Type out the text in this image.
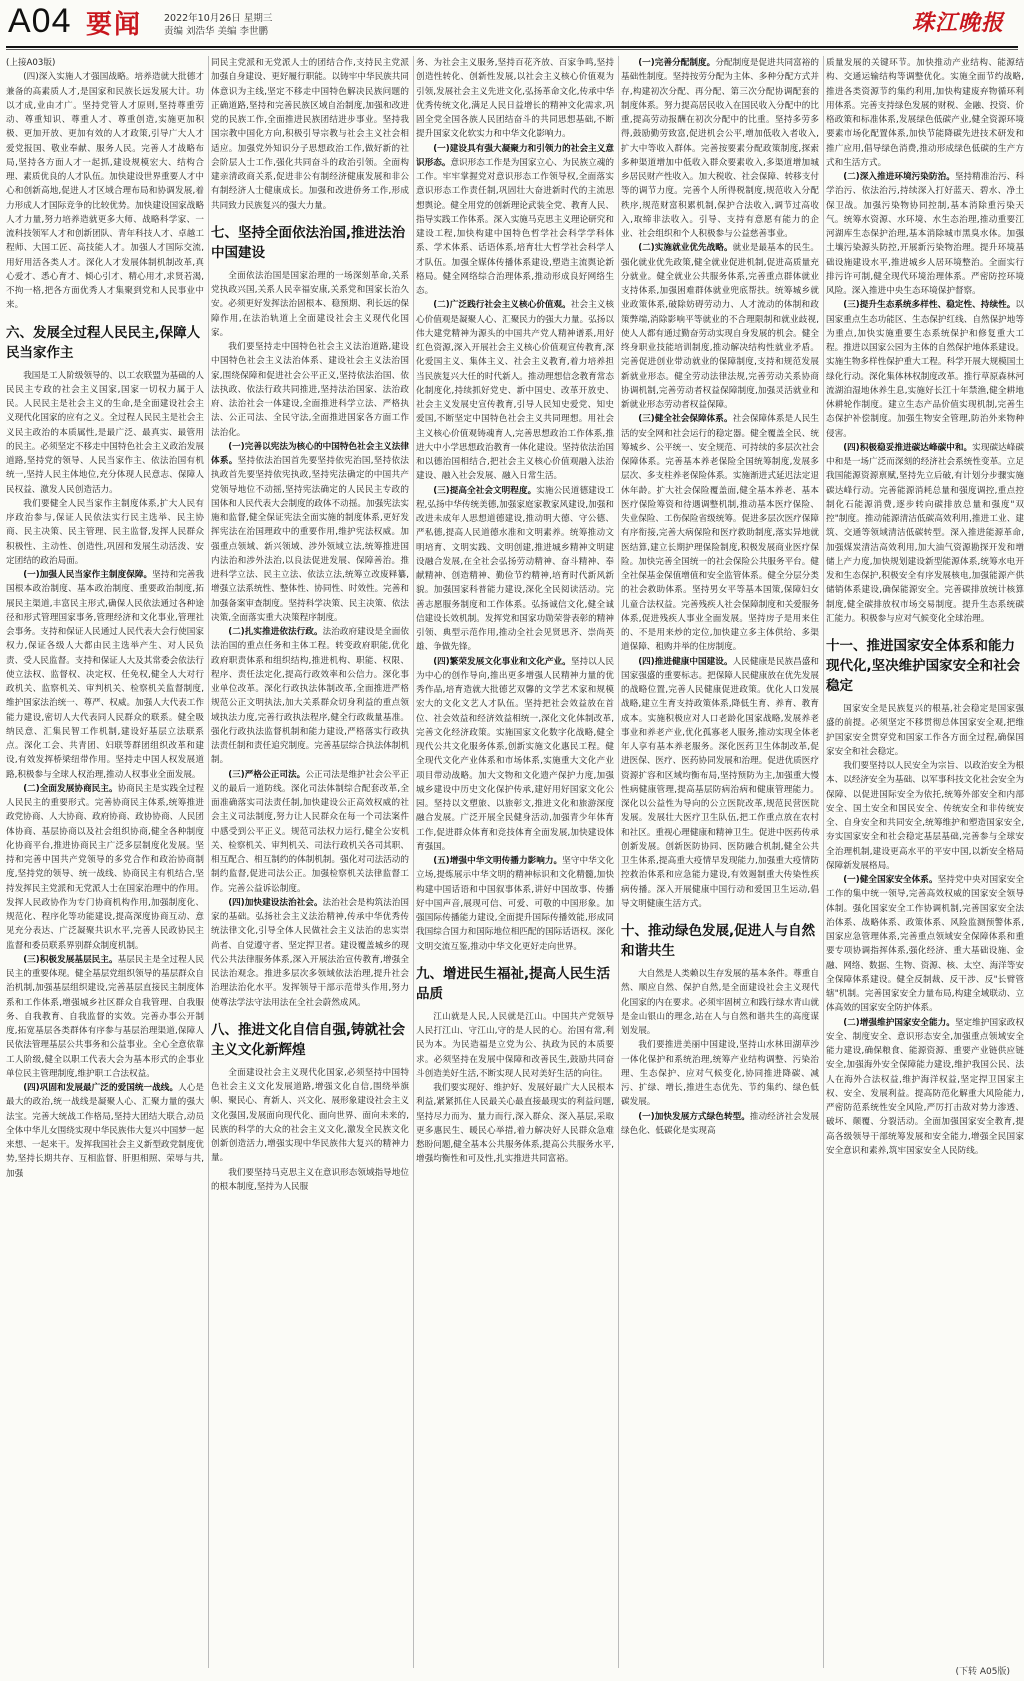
A04 要闻 2022年10月26日 星期三
责编 刘浩华 美编 李世鹏	珠江晚报

(上接A03版)

(四)深入实施人才强国战略。培养造就大批德才兼备的高素质人才,是国家和民族长远发展大计。功以才成,业由才广。坚持党管人才原则,坚持尊重劳动、尊重知识、尊重人才、尊重创造,实施更加积极、更加开放、更加有效的人才政策,引导广大人才爱党报国、敬业奉献、服务人民。完善人才战略布局,坚持各方面人才一起抓,建设规模宏大、结构合理、素质优良的人才队伍。加快建设世界重要人才中心和创新高地,促进人才区域合理布局和协调发展,着力形成人才国际竞争的比较优势。加快建设国家战略人才力量,努力培养造就更多大师、战略科学家、一流科技领军人才和创新团队、青年科技人才、卓越工程师、大国工匠、高技能人才。加强人才国际交流,用好用活各类人才。深化人才发展体制机制改革,真心爱才、悉心育才、倾心引才、精心用才,求贤若渴,不拘一格,把各方面优秀人才集聚到党和人民事业中来。

六、发展全过程人民民主,保障人民当家作主

我国是工人阶级领导的、以工农联盟为基础的人民民主专政的社会主义国家,国家一切权力属于人民。人民民主是社会主义的生命,是全面建设社会主义现代化国家的应有之义。全过程人民民主是社会主义民主政治的本质属性,是最广泛、最真实、最管用的民主。必须坚定不移走中国特色社会主义政治发展道路,坚持党的领导、人民当家作主、依法治国有机统一,坚持人民主体地位,充分体现人民意志、保障人民权益、激发人民创造活力。

我们要健全人民当家作主制度体系,扩大人民有序政治参与,保证人民依法实行民主选举、民主协商、民主决策、民主管理、民主监督,发挥人民群众积极性、主动性、创造性,巩固和发展生动活泼、安定团结的政治局面。

(一)加强人民当家作主制度保障。坚持和完善我国根本政治制度、基本政治制度、重要政治制度,拓展民主渠道,丰富民主形式,确保人民依法通过各种途径和形式管理国家事务,管理经济和文化事业,管理社会事务。支持和保证人民通过人民代表大会行使国家权力,保证各级人大都由民主选举产生、对人民负责、受人民监督。支持和保证人大及其常委会依法行使立法权、监督权、决定权、任免权,健全人大对行政机关、监察机关、审判机关、检察机关监督制度,维护国家法治统一、尊严、权威。加强人大代表工作能力建设,密切人大代表同人民群众的联系。健全吸纳民意、汇集民智工作机制,建设好基层立法联系点。深化工会、共青团、妇联等群团组织改革和建设,有效发挥桥梁纽带作用。坚持走中国人权发展道路,积极参与全球人权治理,推动人权事业全面发展。

(二)全面发展协商民主。协商民主是实践全过程人民民主的重要形式。完善协商民主体系,统筹推进政党协商、人大协商、政府协商、政协协商、人民团体协商、基层协商以及社会组织协商,健全各种制度化协商平台,推进协商民主广泛多层制度化发展。坚持和完善中国共产党领导的多党合作和政治协商制度,坚持党的领导、统一战线、协商民主有机结合,坚持发挥民主党派和无党派人士在国家治理中的作用。发挥人民政协作为专门协商机构作用,加强制度化、规范化、程序化等功能建设,提高深度协商互动、意见充分表达、广泛凝聚共识水平,完善人民政协民主监督和委员联系界别群众制度机制。

(三)积极发展基层民主。基层民主是全过程人民民主的重要体现。健全基层党组织领导的基层群众自治机制,加强基层组织建设,完善基层直接民主制度体系和工作体系,增强城乡社区群众自我管理、自我服务、自我教育、自我监督的实效。完善办事公开制度,拓宽基层各类群体有序参与基层治理渠道,保障人民依法管理基层公共事务和公益事业。全心全意依靠工人阶级,健全以职工代表大会为基本形式的企事业单位民主管理制度,维护职工合法权益。

(四)巩固和发展最广泛的爱国统一战线。人心是最大的政治,统一战线是凝聚人心、汇聚力量的强大法宝。完善大统战工作格局,坚持大团结大联合,动员全体中华儿女围绕实现中华民族伟大复兴中国梦一起来想、一起来干。发挥我国社会主义新型政党制度优势,坚持长期共存、互相监督、肝胆相照、荣辱与共,加强

同民主党派和无党派人士的团结合作,支持民主党派加强自身建设、更好履行职能。以铸牢中华民族共同体意识为主线,坚定不移走中国特色解决民族问题的正确道路,坚持和完善民族区域自治制度,加强和改进党的民族工作,全面推进民族团结进步事业。坚持我国宗教中国化方向,积极引导宗教与社会主义社会相适应。加强党外知识分子思想政治工作,做好新的社会阶层人士工作,强化共同奋斗的政治引领。全面构建亲清政商关系,促进非公有制经济健康发展和非公有制经济人士健康成长。加强和改进侨务工作,形成共同致力民族复兴的强大力量。

七、坚持全面依法治国,推进法治中国建设

全面依法治国是国家治理的一场深刻革命,关系党执政兴国,关系人民幸福安康,关系党和国家长治久安。必须更好发挥法治固根本、稳预期、利长远的保障作用,在法治轨道上全面建设社会主义现代化国家。

我们要坚持走中国特色社会主义法治道路,建设中国特色社会主义法治体系、建设社会主义法治国家,围绕保障和促进社会公平正义,坚持依法治国、依法执政、依法行政共同推进,坚持法治国家、法治政府、法治社会一体建设,全面推进科学立法、严格执法、公正司法、全民守法,全面推进国家各方面工作法治化。

(一)完善以宪法为核心的中国特色社会主义法律体系。坚持依法治国首先要坚持依宪治国,坚持依法执政首先要坚持依宪执政,坚持宪法确定的中国共产党领导地位不动摇,坚持宪法确定的人民民主专政的国体和人民代表大会制度的政体不动摇。加强宪法实施和监督,健全保证宪法全面实施的制度体系,更好发挥宪法在治国理政中的重要作用,维护宪法权威。加强重点领域、新兴领域、涉外领域立法,统筹推进国内法治和涉外法治,以良法促进发展、保障善治。推进科学立法、民主立法、依法立法,统筹立改废释纂,增强立法系统性、整体性、协同性、时效性。完善和加强备案审查制度。坚持科学决策、民主决策、依法决策,全面落实重大决策程序制度。

(二)扎实推进依法行政。法治政府建设是全面依法治国的重点任务和主体工程。转变政府职能,优化政府职责体系和组织结构,推进机构、职能、权限、程序、责任法定化,提高行政效率和公信力。深化事业单位改革。深化行政执法体制改革,全面推进严格规范公正文明执法,加大关系群众切身利益的重点领域执法力度,完善行政执法程序,健全行政裁量基准。强化行政执法监督机制和能力建设,严格落实行政执法责任制和责任追究制度。完善基层综合执法体制机制。

(三)严格公正司法。公正司法是维护社会公平正义的最后一道防线。深化司法体制综合配套改革,全面准确落实司法责任制,加快建设公正高效权威的社会主义司法制度,努力让人民群众在每一个司法案件中感受到公平正义。规范司法权力运行,健全公安机关、检察机关、审判机关、司法行政机关各司其职、相互配合、相互制约的体制机制。强化对司法活动的制约监督,促进司法公正。加强检察机关法律监督工作。完善公益诉讼制度。

(四)加快建设法治社会。法治社会是构筑法治国家的基础。弘扬社会主义法治精神,传承中华优秀传统法律文化,引导全体人民做社会主义法治的忠实崇尚者、自觉遵守者、坚定捍卫者。建设覆盖城乡的现代公共法律服务体系,深入开展法治宣传教育,增强全民法治观念。推进多层次多领域依法治理,提升社会治理法治化水平。发挥领导干部示范带头作用,努力使尊法学法守法用法在全社会蔚然成风。

八、推进文化自信自强,铸就社会主义文化新辉煌

全面建设社会主义现代化国家,必须坚持中国特色社会主义文化发展道路,增强文化自信,围绕举旗帜、聚民心、育新人、兴文化、展形象建设社会主义文化强国,发展面向现代化、面向世界、面向未来的,民族的科学的大众的社会主义文化,激发全民族文化创新创造活力,增强实现中华民族伟大复兴的精神力量。

我们要坚持马克思主义在意识形态领域指导地位的根本制度,坚持为人民服

务、为社会主义服务,坚持百花齐放、百家争鸣,坚持创造性转化、创新性发展,以社会主义核心价值观为引领,发展社会主义先进文化,弘扬革命文化,传承中华优秀传统文化,满足人民日益增长的精神文化需求,巩固全党全国各族人民团结奋斗的共同思想基础,不断提升国家文化软实力和中华文化影响力。

(一)建设具有强大凝聚力和引领力的社会主义意识形态。意识形态工作是为国家立心、为民族立魂的工作。牢牢掌握党对意识形态工作领导权,全面落实意识形态工作责任制,巩固壮大奋进新时代的主流思想舆论。健全用党的创新理论武装全党、教育人民、指导实践工作体系。深入实施马克思主义理论研究和建设工程,加快构建中国特色哲学社会科学学科体系、学术体系、话语体系,培育壮大哲学社会科学人才队伍。加强全媒体传播体系建设,塑造主流舆论新格局。健全网络综合治理体系,推动形成良好网络生态。

(二)广泛践行社会主义核心价值观。社会主义核心价值观是凝聚人心、汇聚民力的强大力量。弘扬以伟大建党精神为源头的中国共产党人精神谱系,用好红色资源,深入开展社会主义核心价值观宣传教育,深化爱国主义、集体主义、社会主义教育,着力培养担当民族复兴大任的时代新人。推动理想信念教育常态化制度化,持续抓好党史、新中国史、改革开放史、社会主义发展史宣传教育,引导人民知史爱党、知史爱国,不断坚定中国特色社会主义共同理想。用社会主义核心价值观铸魂育人,完善思想政治工作体系,推进大中小学思想政治教育一体化建设。坚持依法治国和以德治国相结合,把社会主义核心价值观融入法治建设、融入社会发展、融入日常生活。

(三)提高全社会文明程度。实施公民道德建设工程,弘扬中华传统美德,加强家庭家教家风建设,加强和改进未成年人思想道德建设,推动明大德、守公德、严私德,提高人民道德水准和文明素养。统筹推动文明培育、文明实践、文明创建,推进城乡精神文明建设融合发展,在全社会弘扬劳动精神、奋斗精神、奉献精神、创造精神、勤俭节约精神,培育时代新风新貌。加强国家科普能力建设,深化全民阅读活动。完善志愿服务制度和工作体系。弘扬诚信文化,健全诚信建设长效机制。发挥党和国家功勋荣誉表彰的精神引领、典型示范作用,推动全社会见贤思齐、崇尚英雄、争做先锋。

(四)繁荣发展文化事业和文化产业。坚持以人民为中心的创作导向,推出更多增强人民精神力量的优秀作品,培育造就大批德艺双馨的文学艺术家和规模宏大的文化文艺人才队伍。坚持把社会效益放在首位、社会效益和经济效益相统一,深化文化体制改革,完善文化经济政策。实施国家文化数字化战略,健全现代公共文化服务体系,创新实施文化惠民工程。健全现代文化产业体系和市场体系,实施重大文化产业项目带动战略。加大文物和文化遗产保护力度,加强城乡建设中历史文化保护传承,建好用好国家文化公园。坚持以文塑旅、以旅彰文,推进文化和旅游深度融合发展。广泛开展全民健身活动,加强青少年体育工作,促进群众体育和竞技体育全面发展,加快建设体育强国。

(五)增强中华文明传播力影响力。坚守中华文化立场,提炼展示中华文明的精神标识和文化精髓,加快构建中国话语和中国叙事体系,讲好中国故事、传播好中国声音,展现可信、可爱、可敬的中国形象。加强国际传播能力建设,全面提升国际传播效能,形成同我国综合国力和国际地位相匹配的国际话语权。深化文明交流互鉴,推动中华文化更好走向世界。

九、增进民生福祉,提高人民生活品质

江山就是人民,人民就是江山。中国共产党领导人民打江山、守江山,守的是人民的心。治国有常,利民为本。为民造福是立党为公、执政为民的本质要求。必须坚持在发展中保障和改善民生,鼓励共同奋斗创造美好生活,不断实现人民对美好生活的向往。

我们要实现好、维护好、发展好最广大人民根本利益,紧紧抓住人民最关心最直接最现实的利益问题,坚持尽力而为、量力而行,深入群众、深入基层,采取更多惠民生、暖民心举措,着力解决好人民群众急难愁盼问题,健全基本公共服务体系,提高公共服务水平,增强均衡性和可及性,扎实推进共同富裕。

(一)完善分配制度。分配制度是促进共同富裕的基础性制度。坚持按劳分配为主体、多种分配方式并存,构建初次分配、再分配、第三次分配协调配套的制度体系。努力提高居民收入在国民收入分配中的比重,提高劳动报酬在初次分配中的比重。坚持多劳多得,鼓励勤劳致富,促进机会公平,增加低收入者收入,扩大中等收入群体。完善按要素分配政策制度,探索多种渠道增加中低收入群众要素收入,多渠道增加城乡居民财产性收入。加大税收、社会保障、转移支付等的调节力度。完善个人所得税制度,规范收入分配秩序,规范财富积累机制,保护合法收入,调节过高收入,取缔非法收入。引导、支持有意愿有能力的企业、社会组织和个人积极参与公益慈善事业。

(二)实施就业优先战略。就业是最基本的民生。强化就业优先政策,健全就业促进机制,促进高质量充分就业。健全就业公共服务体系,完善重点群体就业支持体系,加强困难群体就业兜底帮扶。统筹城乡就业政策体系,破除妨碍劳动力、人才流动的体制和政策弊端,消除影响平等就业的不合理限制和就业歧视,使人人都有通过勤奋劳动实现自身发展的机会。健全终身职业技能培训制度,推动解决结构性就业矛盾。完善促进创业带动就业的保障制度,支持和规范发展新就业形态。健全劳动法律法规,完善劳动关系协商协调机制,完善劳动者权益保障制度,加强灵活就业和新就业形态劳动者权益保障。

(三)健全社会保障体系。社会保障体系是人民生活的安全网和社会运行的稳定器。健全覆盖全民、统筹城乡、公平统一、安全规范、可持续的多层次社会保障体系。完善基本养老保险全国统筹制度,发展多层次、多支柱养老保险体系。实施渐进式延迟法定退休年龄。扩大社会保险覆盖面,健全基本养老、基本医疗保险筹资和待遇调整机制,推动基本医疗保险、失业保险、工伤保险省级统筹。促进多层次医疗保障有序衔接,完善大病保险和医疗救助制度,落实异地就医结算,建立长期护理保险制度,积极发展商业医疗保险。加快完善全国统一的社会保险公共服务平台。健全社保基金保值增值和安全监管体系。健全分层分类的社会救助体系。坚持男女平等基本国策,保障妇女儿童合法权益。完善残疾人社会保障制度和关爱服务体系,促进残疾人事业全面发展。坚持房子是用来住的、不是用来炒的定位,加快建立多主体供给、多渠道保障、租购并举的住房制度。

(四)推进健康中国建设。人民健康是民族昌盛和国家强盛的重要标志。把保障人民健康放在优先发展的战略位置,完善人民健康促进政策。优化人口发展战略,建立生育支持政策体系,降低生育、养育、教育成本。实施积极应对人口老龄化国家战略,发展养老事业和养老产业,优化孤寡老人服务,推动实现全体老年人享有基本养老服务。深化医药卫生体制改革,促进医保、医疗、医药协同发展和治理。促进优质医疗资源扩容和区域均衡布局,坚持预防为主,加强重大慢性病健康管理,提高基层防病治病和健康管理能力。深化以公益性为导向的公立医院改革,规范民营医院发展。发展壮大医疗卫生队伍,把工作重点放在农村和社区。重视心理健康和精神卫生。促进中医药传承创新发展。创新医防协同、医防融合机制,健全公共卫生体系,提高重大疫情早发现能力,加强重大疫情防控救治体系和应急能力建设,有效遏制重大传染性疾病传播。深入开展健康中国行动和爱国卫生运动,倡导文明健康生活方式。

十、推动绿色发展,促进人与自然和谐共生

大自然是人类赖以生存发展的基本条件。尊重自然、顺应自然、保护自然,是全面建设社会主义现代化国家的内在要求。必须牢固树立和践行绿水青山就是金山银山的理念,站在人与自然和谐共生的高度谋划发展。

我们要推进美丽中国建设,坚持山水林田湖草沙一体化保护和系统治理,统筹产业结构调整、污染治理、生态保护、应对气候变化,协同推进降碳、减污、扩绿、增长,推进生态优先、节约集约、绿色低碳发展。

(一)加快发展方式绿色转型。推动经济社会发展绿色化、低碳化是实现高

质量发展的关键环节。加快推动产业结构、能源结构、交通运输结构等调整优化。实施全面节约战略,推进各类资源节约集约利用,加快构建废弃物循环利用体系。完善支持绿色发展的财税、金融、投资、价格政策和标准体系,发展绿色低碳产业,健全资源环境要素市场化配置体系,加快节能降碳先进技术研发和推广应用,倡导绿色消费,推动形成绿色低碳的生产方式和生活方式。

(二)深入推进环境污染防治。坚持精准治污、科学治污、依法治污,持续深入打好蓝天、碧水、净土保卫战。加强污染物协同控制,基本消除重污染天气。统筹水资源、水环境、水生态治理,推动重要江河湖库生态保护治理,基本消除城市黑臭水体。加强土壤污染源头防控,开展新污染物治理。提升环境基础设施建设水平,推进城乡人居环境整治。全面实行排污许可制,健全现代环境治理体系。严密防控环境风险。深入推进中央生态环境保护督察。

(三)提升生态系统多样性、稳定性、持续性。以国家重点生态功能区、生态保护红线、自然保护地等为重点,加快实施重要生态系统保护和修复重大工程。推进以国家公园为主体的自然保护地体系建设。实施生物多样性保护重大工程。科学开展大规模国土绿化行动。深化集体林权制度改革。推行草原森林河流湖泊湿地休养生息,实施好长江十年禁渔,健全耕地休耕轮作制度。建立生态产品价值实现机制,完善生态保护补偿制度。加强生物安全管理,防治外来物种侵害。

(四)积极稳妥推进碳达峰碳中和。实现碳达峰碳中和是一场广泛而深刻的经济社会系统性变革。立足我国能源资源禀赋,坚持先立后破,有计划分步骤实施碳达峰行动。完善能源消耗总量和强度调控,重点控制化石能源消费,逐步转向碳排放总量和强度"双控"制度。推动能源清洁低碳高效利用,推进工业、建筑、交通等领域清洁低碳转型。深入推进能源革命,加强煤炭清洁高效利用,加大油气资源勘探开发和增储上产力度,加快规划建设新型能源体系,统筹水电开发和生态保护,积极安全有序发展核电,加强能源产供储销体系建设,确保能源安全。完善碳排放统计核算制度,健全碳排放权市场交易制度。提升生态系统碳汇能力。积极参与应对气候变化全球治理。

十一、推进国家安全体系和能力现代化,坚决维护国家安全和社会稳定

国家安全是民族复兴的根基,社会稳定是国家强盛的前提。必须坚定不移贯彻总体国家安全观,把维护国家安全贯穿党和国家工作各方面全过程,确保国家安全和社会稳定。

我们要坚持以人民安全为宗旨、以政治安全为根本、以经济安全为基础、以军事科技文化社会安全为保障、以促进国际安全为依托,统筹外部安全和内部安全、国土安全和国民安全、传统安全和非传统安全、自身安全和共同安全,统筹维护和塑造国家安全,夯实国家安全和社会稳定基层基础,完善参与全球安全治理机制,建设更高水平的平安中国,以新安全格局保障新发展格局。

(一)健全国家安全体系。坚持党中央对国家安全工作的集中统一领导,完善高效权威的国家安全领导体制。强化国家安全工作协调机制,完善国家安全法治体系、战略体系、政策体系、风险监测预警体系,国家应急管理体系,完善重点领域安全保障体系和重要专项协调指挥体系,强化经济、重大基础设施、金融、网络、数据、生物、资源、核、太空、海洋等安全保障体系建设。健全反制裁、反干涉、反"长臂管辖"机制。完善国家安全力量布局,构建全域联动、立体高效的国家安全防护体系。

(二)增强维护国家安全能力。坚定维护国家政权安全、制度安全、意识形态安全,加强重点领域安全能力建设,确保粮食、能源资源、重要产业链供应链安全,加强海外安全保障能力建设,维护我国公民、法人在海外合法权益,维护海洋权益,坚定捍卫国家主权、安全、发展利益。提高防范化解重大风险能力,严密防范系统性安全风险,严厉打击敌对势力渗透、破坏、颠覆、分裂活动。全面加强国家安全教育,提高各级领导干部统筹发展和安全能力,增强全民国家安全意识和素养,筑牢国家安全人民防线。

(下转 A05版)
